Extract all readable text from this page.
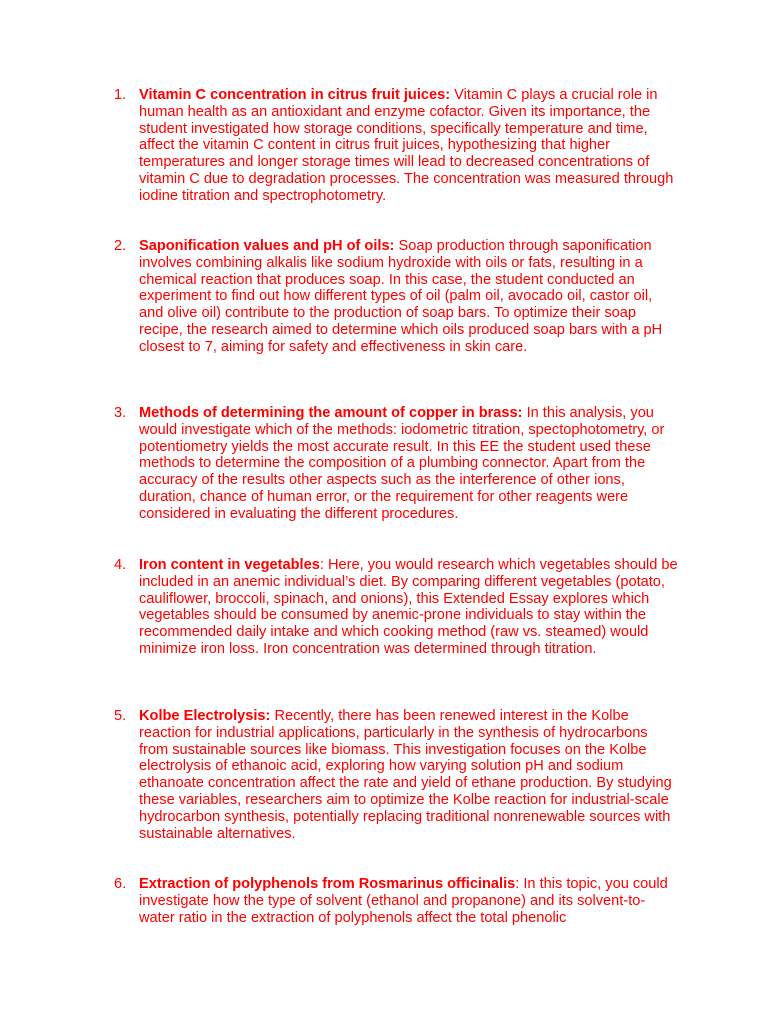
1. Vitamin C concentration in citrus fruit juices: Vitamin C plays a crucial role in human health as an antioxidant and enzyme cofactor. Given its importance, the student investigated how storage conditions, specifically temperature and time, affect the vitamin C content in citrus fruit juices, hypothesizing that higher temperatures and longer storage times will lead to decreased concentrations of vitamin C due to degradation processes. The concentration was measured through iodine titration and spectrophotometry.
2. Saponification values and pH of oils: Soap production through saponification involves combining alkalis like sodium hydroxide with oils or fats, resulting in a chemical reaction that produces soap. In this case, the student conducted an experiment to find out how different types of oil (palm oil, avocado oil, castor oil, and olive oil) contribute to the production of soap bars. To optimize their soap recipe, the research aimed to determine which oils produced soap bars with a pH closest to 7, aiming for safety and effectiveness in skin care.
3. Methods of determining the amount of copper in brass: In this analysis, you would investigate which of the methods: iodometric titration, spectophotometry, or potentiometry yields the most accurate result. In this EE the student used these methods to determine the composition of a plumbing connector. Apart from the accuracy of the results other aspects such as the interference of other ions, duration, chance of human error, or the requirement for other reagents were considered in evaluating the different procedures.
4. Iron content in vegetables: Here, you would research which vegetables should be included in an anemic individual’s diet. By comparing different vegetables (potato, cauliflower, broccoli, spinach, and onions), this Extended Essay explores which vegetables should be consumed by anemic-prone individuals to stay within the recommended daily intake and which cooking method (raw vs. steamed) would minimize iron loss. Iron concentration was determined through titration.
5. Kolbe Electrolysis: Recently, there has been renewed interest in the Kolbe reaction for industrial applications, particularly in the synthesis of hydrocarbons from sustainable sources like biomass. This investigation focuses on the Kolbe electrolysis of ethanoic acid, exploring how varying solution pH and sodium ethanoate concentration affect the rate and yield of ethane production. By studying these variables, researchers aim to optimize the Kolbe reaction for industrial-scale hydrocarbon synthesis, potentially replacing traditional nonrenewable sources with sustainable alternatives.
6. Extraction of polyphenols from Rosmarinus officinalis: In this topic, you could investigate how the type of solvent (ethanol and propanone) and its solvent-to-water ratio in the extraction of polyphenols affect the total phenolic
